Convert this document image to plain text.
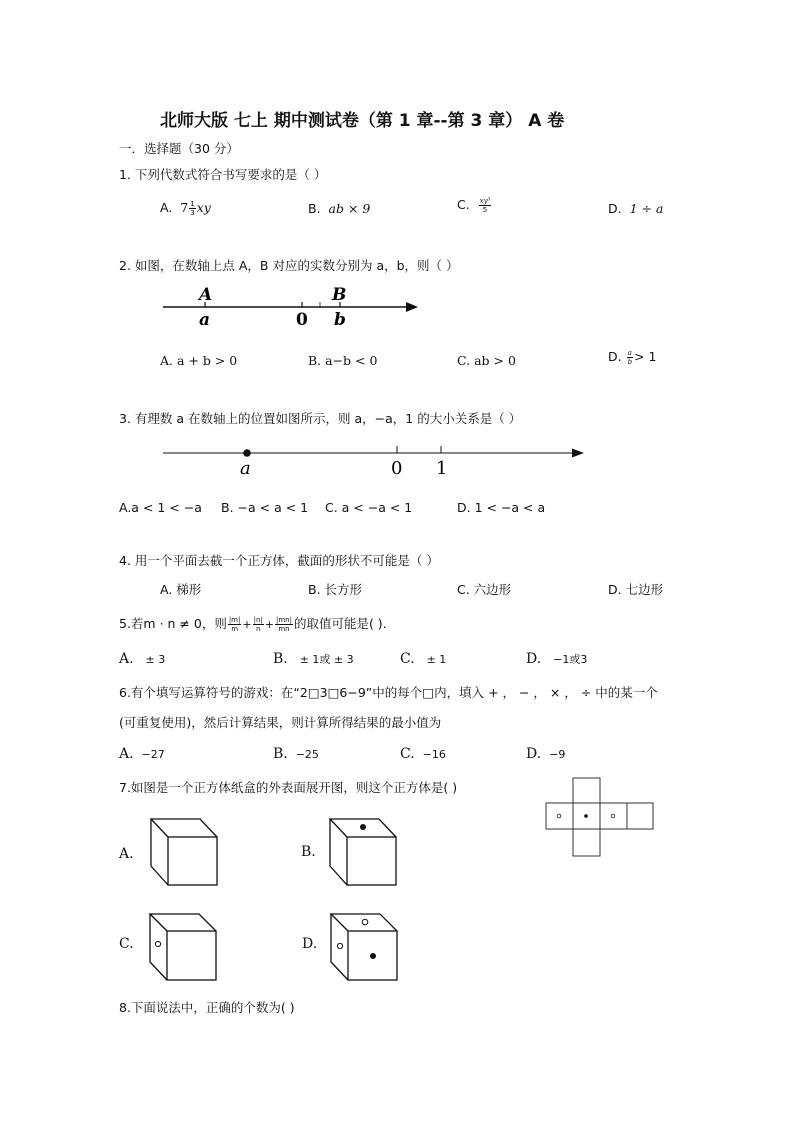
北师大版 七上 期中测试卷（第 1 章--第 3 章） A 卷
一．选择题（30 分）
1. 下列代数式符合书写要求的是（ ）
A. $7 \frac{1}{3}$ xy	B. ab × 9	C. $\frac{\text{xy³}}{5}$	D. 1 ÷ a
2. 如图，在数轴上点 A，B 对应的实数分别为 a，b，则（ ）
A
a	0
B
b
A. a + b > 0	B. a−b < 0	C. ab > 0	D. $\frac{a}{b} > 1$
3. 有理数 a 在数轴上的位置如图所示，则 a，−a，1 的大小关系是（ ）
a	0 1
A.a < 1 < −a B. −a < a < 1 C. a < −a < 1	D. 1 < −a < a
4. 用一个平面去截一个正方体，截面的形状不可能是（ ）
A. 梯形	B. 长方形	C. 六边形	D. 七边形
5.若m · n ≠ 0，则 $\frac{|m|}{m} + \frac{|n|}{n} + \frac{|mn|}{mn}$ 的取值可能是( ).
A. ± 3	B. ± 1或 ± 3	C. ± 1	D. −1或3
6.有个填写运算符号的游戏：在“2□3□6−9”中的每个□内，填入 + ， − ， × ， ÷ 中的某一个
(可重复使用)，然后计算结果，则计算所得结果的最小值为
A. −27	B. −25	C. −16	D. −9
7.如图是一个正方体纸盒的外表面展开图，则这个正方体是( )
A.	B.
C.	D.
8.下面说法中，正确的个数为( )
